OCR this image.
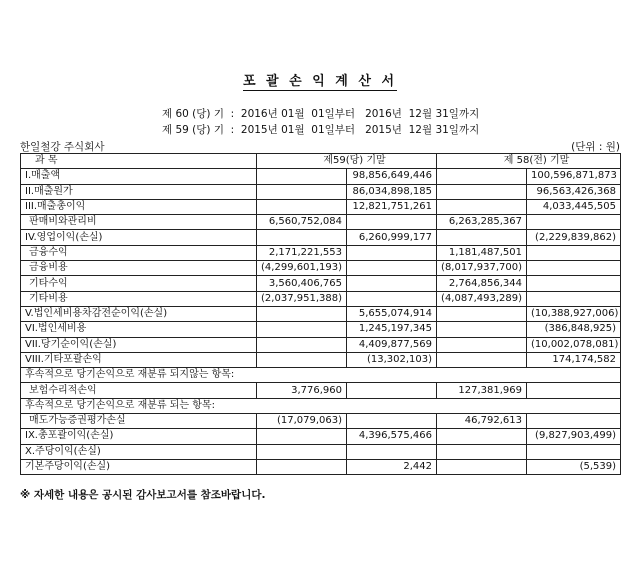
포 괄 손 익 계 산 서
제 60 (당) 기  :  2016년 01월  01일부터   2016년  12월 31일까지
제 59 (당) 기  :  2015년 01월  01일부터   2015년  12월 31일까지
한일철강 주식회사	(단위 : 원)
과 목	제59(당) 기말		제 58(전) 기말	
I.매출액		98,856,649,446		100,596,871,873
II.매출원가		86,034,898,185		96,563,426,368
III.매출총이익		12,821,751,261		4,033,445,505
판매비와관리비	6,560,752,084		6,263,285,367	
IV.영업이익(손실)		6,260,999,177		(2,229,839,862)
금융수익	2,171,221,553		1,181,487,501	
금융비용	(4,299,601,193)		(8,017,937,700)	
기타수익	3,560,406,765		2,764,856,344	
기타비용	(2,037,951,388)		(4,087,493,289)	
V.법인세비용차감전순이익(손실)		5,655,074,914		(10,388,927,006)
VI.법인세비용		1,245,197,345		(386,848,925)
VII.당기순이익(손실)		4,409,877,569		(10,002,078,081)
VIII.기타포괄손익		(13,302,103)		174,174,582
후속적으로 당기손익으로 재분류 되지않는 항목:				
보험수리적손익	3,776,960		127,381,969	
후속적으로 당기손익으로 재분류 되는 항목:				
매도가능증권평가손실	(17,079,063)		46,792,613	
IX.총포괄이익(손실)		4,396,575,466		(9,827,903,499)
X.주당이익(손실)				
기본주당이익(손실)		2,442		(5,539)
※ 자세한 내용은 공시된 감사보고서를 참조바랍니다.
